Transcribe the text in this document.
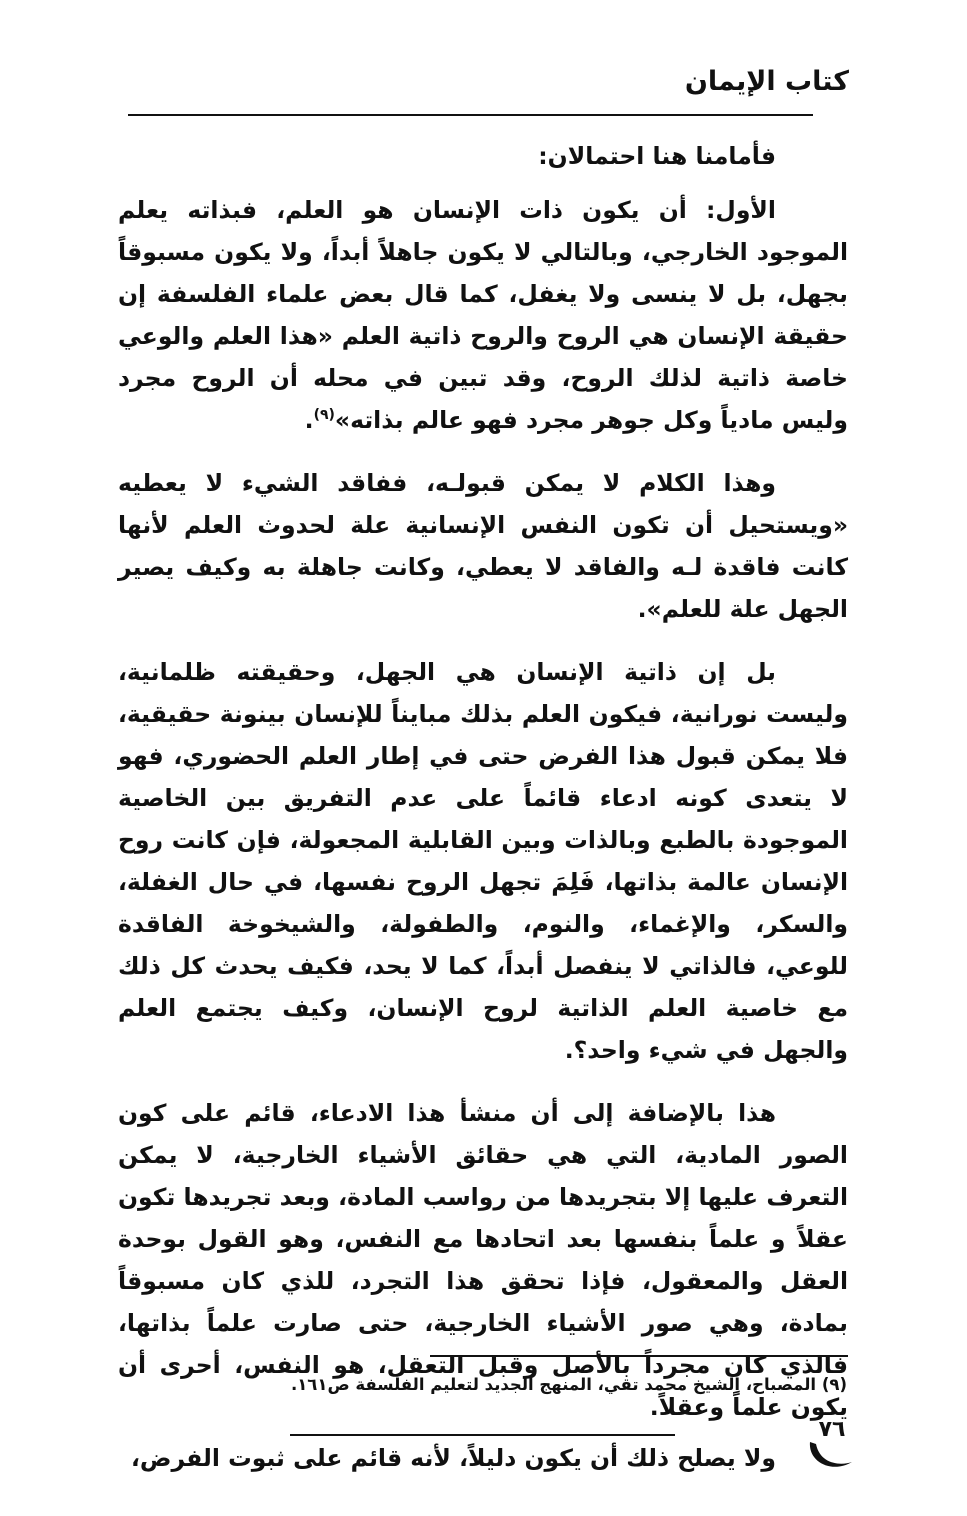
كتاب الإيمان

فأمامنا هنا احتمالان:

الأول: أن يكون ذات الإنسان هو العلم، فبذاته يعلم الموجود الخارجي، وبالتالي لا يكون جاهلاً أبداً، ولا يكون مسبوقاً بجهل، بل لا ينسى ولا يغفل، كما قال بعض علماء الفلسفة إن حقيقة الإنسان هي الروح والروح ذاتية العلم «هذا العلم والوعي خاصة ذاتية لذلك الروح، وقد تبين في محله أن الروح مجرد وليس مادياً وكل جوهر مجرد فهو عالم بذاته»$^{(٩)}$.

وهذا الكلام لا يمكن قبولـه، ففاقد الشيء لا يعطيه «ويستحيل أن تكون النفس الإنسانية علة لحدوث العلم لأنها كانت فاقدة لـه والفاقد لا يعطي، وكانت جاهلة به وكيف يصير الجهل علة للعلم».

بل إن ذاتية الإنسان هي الجهل، وحقيقته ظلمانية، وليست نورانية، فيكون العلم بذلك مبايناً للإنسان بينونة حقيقية، فلا يمكن قبول هذا الفرض حتى في إطار العلم الحضوري، فهو لا يتعدى كونه ادعاء قائماً على عدم التفريق بين الخاصية الموجودة بالطبع وبالذات وبين القابلية المجعولة، فإن كانت روح الإنسان عالمة بذاتها، فَلِمَ تجهل الروح نفسها، في حال الغفلة، والسكر، والإغماء، والنوم، والطفولة، والشيخوخة الفاقدة للوعي، فالذاتي لا ينفصل أبداً، كما لا يحد، فكيف يحدث كل ذلك مع خاصية العلم الذاتية لروح الإنسان، وكيف يجتمع العلم والجهل في شيء واحد؟.

هذا بالإضافة إلى أن منشأ هذا الادعاء، قائم على كون الصور المادية، التي هي حقائق الأشياء الخارجية، لا يمكن التعرف عليها إلا بتجريدها من رواسب المادة، وبعد تجريدها تكون عقلاً و علماً بنفسها بعد اتحادها مع النفس، وهو القول بوحدة العقل والمعقول، فإذا تحقق هذا التجرد، للذي كان مسبوقاً بمادة، وهي صور الأشياء الخارجية، حتى صارت علماً بذاتها، فالذي كان مجرداً بالأصل وقبل التعقل، هو النفس، أحرى أن يكون علماً وعقلاً.

ولا يصلح ذلك أن يكون دليلاً، لأنه قائم على ثبوت الفرض،

(٩) المصباح، الشيخ محمد تقي، المنهج الجديد لتعليم الفلسفة ص١٦١.
٧٦
